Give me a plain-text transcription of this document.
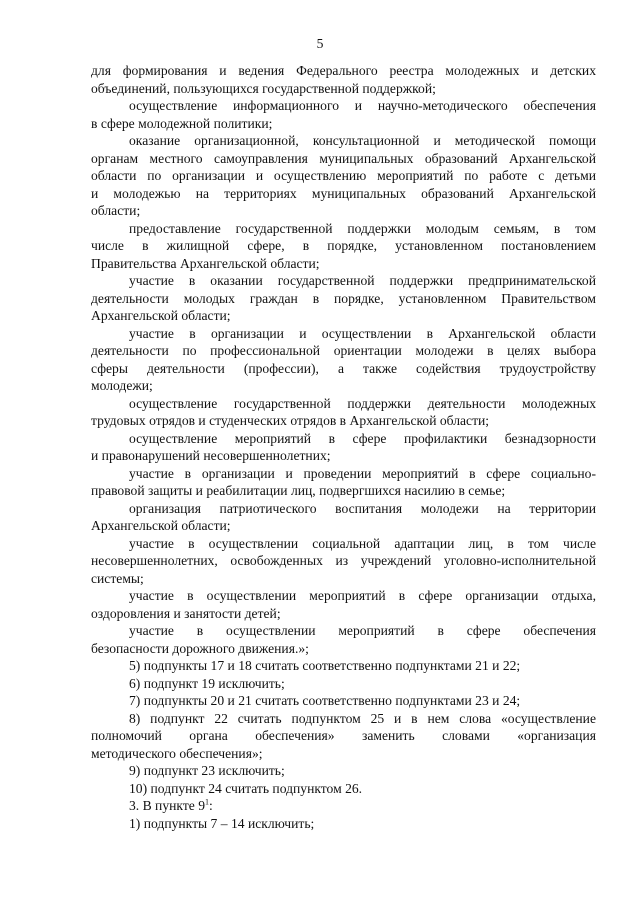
5
для формирования и ведения Федерального реестра молодежных и детских
объединений, пользующихся государственной поддержкой;
осуществление информационного и научно-методического обеспечения
в сфере молодежной политики;
оказание организационной, консультационной и методической помощи
органам местного самоуправления муниципальных образований Архангельской
области по организации и осуществлению мероприятий по работе с детьми
и молодежью на территориях муниципальных образований Архангельской
области;
предоставление государственной поддержки молодым семьям, в том
числе в жилищной сфере, в порядке, установленном постановлением
Правительства Архангельской области;
участие в оказании государственной поддержки предпринимательской
деятельности молодых граждан в порядке, установленном Правительством
Архангельской области;
участие в организации и осуществлении в Архангельской области
деятельности по профессиональной ориентации молодежи в целях выбора
сферы деятельности (профессии), а также содействия трудоустройству
молодежи;
осуществление государственной поддержки деятельности молодежных
трудовых отрядов и студенческих отрядов в Архангельской области;
осуществление мероприятий в сфере профилактики безнадзорности
и правонарушений несовершеннолетних;
участие в организации и проведении мероприятий в сфере социально-
правовой защиты и реабилитации лиц, подвергшихся насилию в семье;
организация патриотического воспитания молодежи на территории
Архангельской области;
участие в осуществлении социальной адаптации лиц, в том числе
несовершеннолетних, освобожденных из учреждений уголовно-исполнительной
системы;
участие в осуществлении мероприятий в сфере организации отдыха,
оздоровления и занятости детей;
участие в осуществлении мероприятий в сфере обеспечения
безопасности дорожного движения.»;
5) подпункты 17 и 18 считать соответственно подпунктами 21 и 22;
6) подпункт 19 исключить;
7) подпункты 20 и 21 считать соответственно подпунктами 23 и 24;
8) подпункт 22 считать подпунктом 25 и в нем слова «осуществление
полномочий органа обеспечения» заменить словами «организация
методического обеспечения»;
9) подпункт 23 исключить;
10) подпункт 24 считать подпунктом 26.
3. В пункте $9^1$:
1) подпункты 7 – 14 исключить;
